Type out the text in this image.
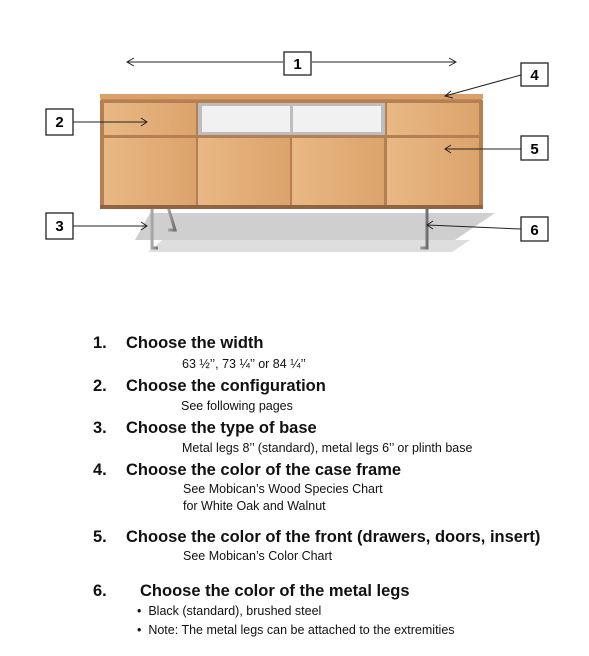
1
2
3
4
5
6
1. Choose the width
63 ½’’, 73 ¼’’ or 84 ¼’’
2. Choose the configuration
See following pages
3. Choose the type of base
Metal legs 8’’ (standard), metal legs 6’’ or plinth base
4. Choose the color of the case frame
See Mobican’s Wood Species Chart
for White Oak and Walnut
5. Choose the color of the front (drawers, doors, insert)
See Mobican’s Color Chart
6. Choose the color of the metal legs
•  Black (standard), brushed steel
•  Note: The metal legs can be attached to the extremities
